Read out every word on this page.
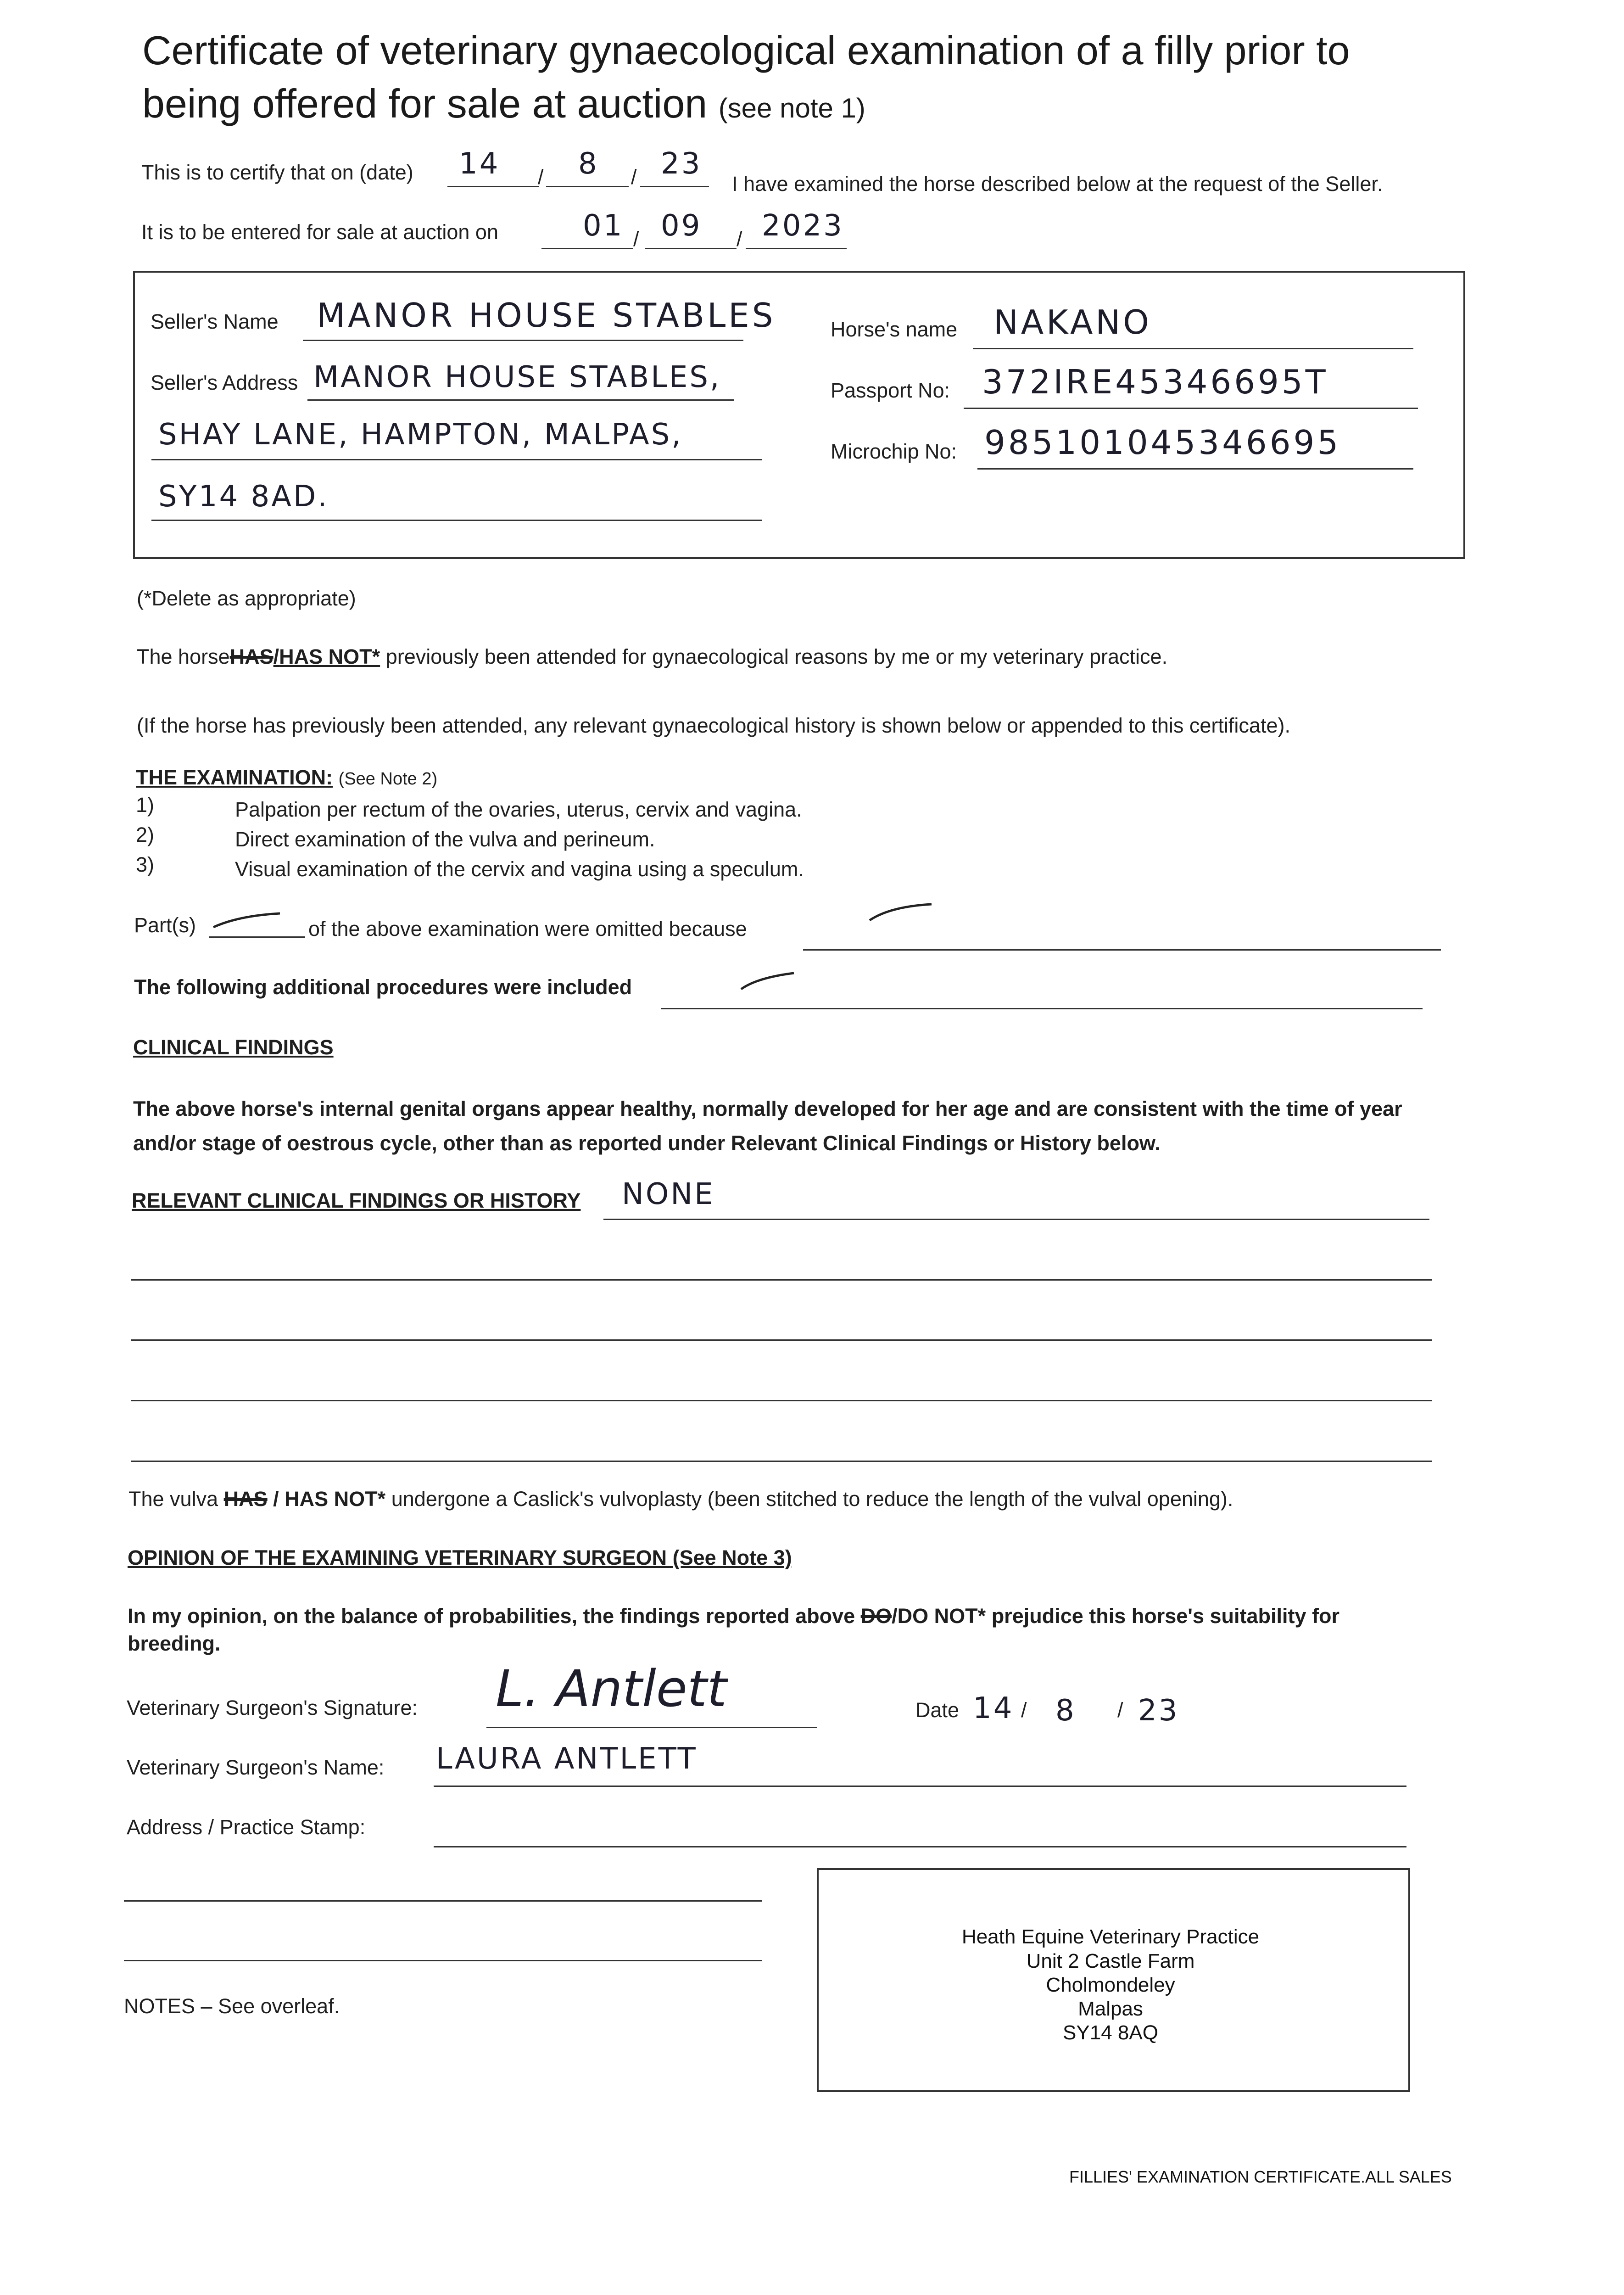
Certificate of veterinary gynaecological examination of a filly prior to
being offered for sale at auction (see note 1)
This is to certify that on (date) 14 / 8 / 23
I have examined the horse described below at the request of the Seller.
It is to be entered for sale at auction on	01 / 09 / 2023
Seller's Name MANOR HOUSE STABLES
Seller's Address MANOR HOUSE STABLES,
SHAY LANE, HAMPTON, MALPAS,
SY14 8AD.
Horse's name NAKANO
Passport No: 372IRE45346695T
Microchip No: 985101045346695
(*Delete as appropriate)
The horseHAS/HAS NOT* previously been attended for gynaecological reasons by me or my veterinary practice.
(If the horse has previously been attended, any relevant gynaecological history is shown below or appended to this certificate).
THE EXAMINATION: (See Note 2)
1)	Palpation per rectum of the ovaries, uterus, cervix and vagina.
2)	Direct examination of the vulva and perineum.
3)	Visual examination of the cervix and vagina using a speculum.
Part(s)	of the above examination were omitted because
The following additional procedures were included
CLINICAL FINDINGS
The above horse's internal genital organs appear healthy, normally developed for her age and are consistent with the time of year
and/or stage of oestrous cycle, other than as reported under Relevant Clinical Findings or History below.
RELEVANT CLINICAL FINDINGS OR HISTORY NONE
The vulva HAS / HAS NOT* undergone a Caslick's vulvoplasty (been stitched to reduce the length of the vulval opening).
OPINION OF THE EXAMINING VETERINARY SURGEON (See Note 3)
In my opinion, on the balance of probabilities, the findings reported above DO/DO NOT* prejudice this horse's suitability for
breeding.
Veterinary Surgeon's Signature: L. Antlett	Date 14 / 8 / 23
Veterinary Surgeon's Name: LAURA ANTLETT
Address / Practice Stamp:
Heath Equine Veterinary Practice
Unit 2 Castle Farm
Cholmondeley
Malpas
SY14 8AQ
NOTES – See overleaf.
FILLIES' EXAMINATION CERTIFICATE.ALL SALES
